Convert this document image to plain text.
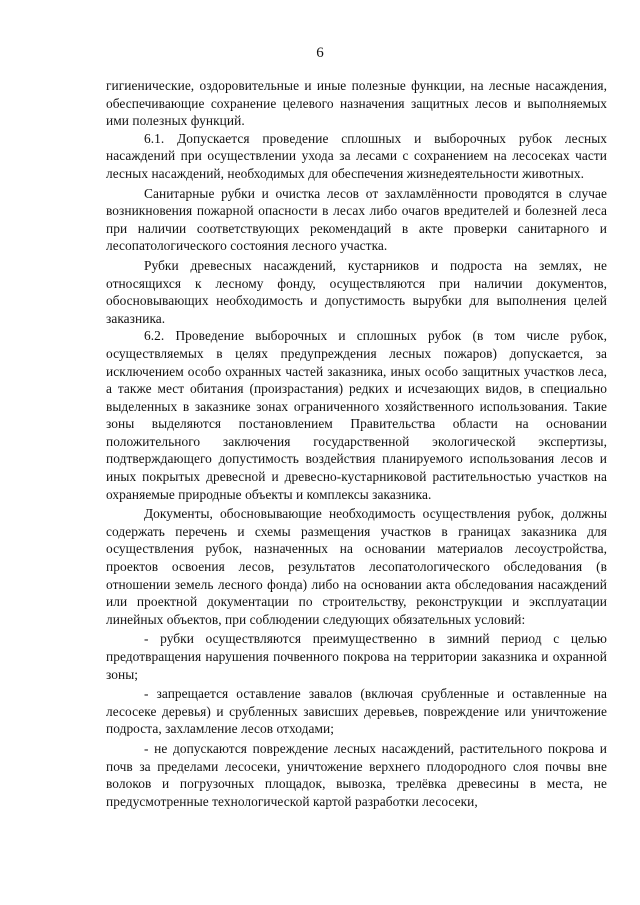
6

гигиенические, оздоровительные и иные полезные функции, на лесные насаждения, обеспечивающие сохранение целевого назначения защитных лесов и выполняемых ими полезных функций.

6.1. Допускается проведение сплошных и выборочных рубок лесных насаждений при осуществлении ухода за лесами с сохранением на лесосеках части лесных насаждений, необходимых для обеспечения жизнедеятельности животных.

Санитарные рубки и очистка лесов от захламлённости проводятся в случае возникновения пожарной опасности в лесах либо очагов вредителей и болезней леса при наличии соответствующих рекомендаций в акте проверки санитарного и лесопатологического состояния лесного участка.

Рубки древесных насаждений, кустарников и подроста на землях, не относящихся к лесному фонду, осуществляются при наличии документов, обосновывающих необходимость и допустимость вырубки для выполнения целей заказника.

6.2. Проведение выборочных и сплошных рубок (в том числе рубок, осуществляемых в целях предупреждения лесных пожаров) допускается, за исключением особо охранных частей заказника, иных особо защитных участков леса, а также мест обитания (произрастания) редких и исчезающих видов, в специально выделенных в заказнике зонах ограниченного хозяйственного использования. Такие зоны выделяются постановлением Правительства области на основании положительного заключения государственной экологической экспертизы, подтверждающего допустимость воздействия планируемого использования лесов и иных покрытых древесной и древесно-кустарниковой растительностью участков на охраняемые природные объекты и комплексы заказника.

Документы, обосновывающие необходимость осуществления рубок, должны содержать перечень и схемы размещения участков в границах заказника для осуществления рубок, назначенных на основании материалов лесоустройства, проектов освоения лесов, результатов лесопатологического обследования (в отношении земель лесного фонда) либо на основании акта обследования насаждений или проектной документации по строительству, реконструкции и эксплуатации линейных объектов, при соблюдении следующих обязательных условий:

- рубки осуществляются преимущественно в зимний период с целью предотвращения нарушения почвенного покрова на территории заказника и охранной зоны;

- запрещается оставление завалов (включая срубленные и оставленные на лесосеке деревья) и срубленных зависших деревьев, повреждение или уничтожение подроста, захламление лесов отходами;

- не допускаются повреждение лесных насаждений, растительного покрова и почв за пределами лесосеки, уничтожение верхнего плодородного слоя почвы вне волоков и погрузочных площадок, вывозка, трелёвка древесины в места, не предусмотренные технологической картой разработки лесосеки,
